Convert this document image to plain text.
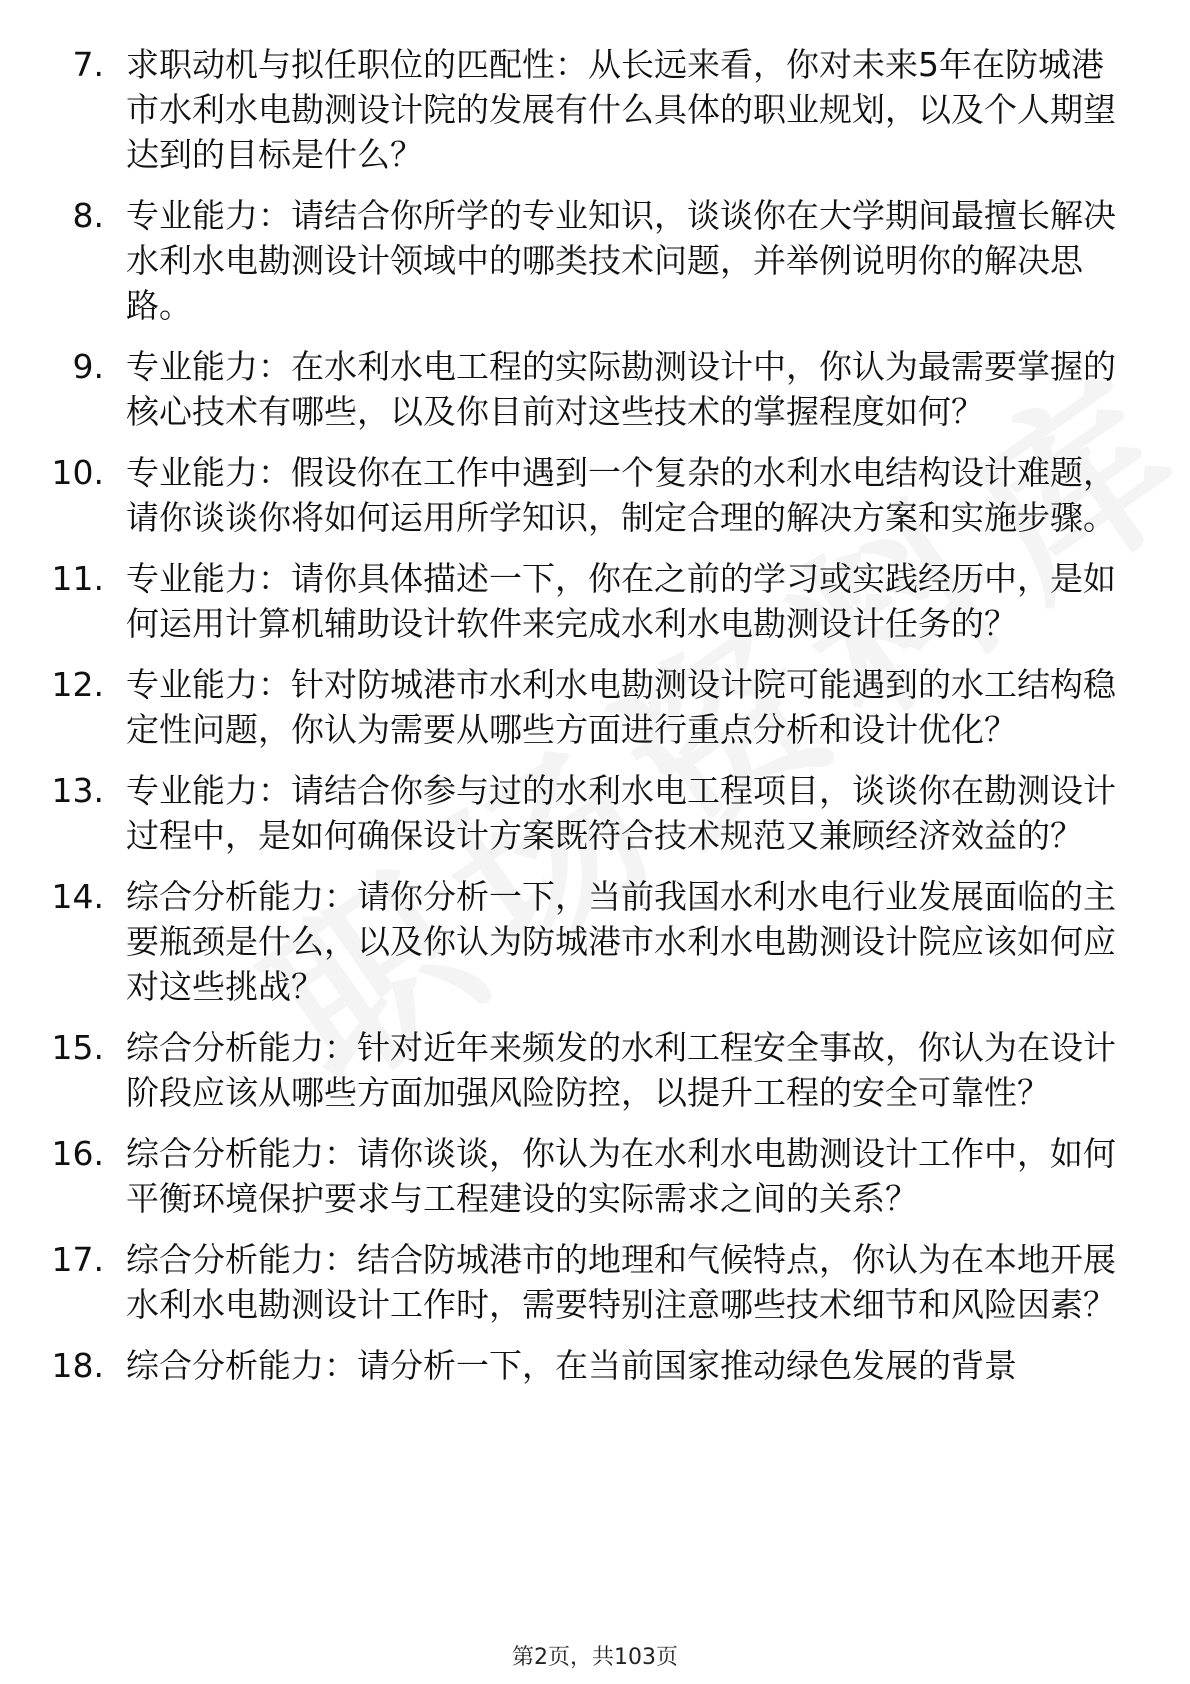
7. 求职动机与拟任职位的匹配性：从长远来看，你对未来5年在防城港市水利水电勘测设计院的发展有什么具体的职业规划，以及个人期望达到的目标是什么？
8. 专业能力：请结合你所学的专业知识，谈谈你在大学期间最擅长解决水利水电勘测设计领域中的哪类技术问题，并举例说明你的解决思路。
9. 专业能力：在水利水电工程的实际勘测设计中，你认为最需要掌握的核心技术有哪些，以及你目前对这些技术的掌握程度如何？
10. 专业能力：假设你在工作中遇到一个复杂的水利水电结构设计难题，请你谈谈你将如何运用所学知识，制定合理的解决方案和实施步骤。
11. 专业能力：请你具体描述一下，你在之前的学习或实践经历中，是如何运用计算机辅助设计软件来完成水利水电勘测设计任务的？
12. 专业能力：针对防城港市水利水电勘测设计院可能遇到的水工结构稳定性问题，你认为需要从哪些方面进行重点分析和设计优化？
13. 专业能力：请结合你参与过的水利水电工程项目，谈谈你在勘测设计过程中，是如何确保设计方案既符合技术规范又兼顾经济效益的？
14. 综合分析能力：请你分析一下，当前我国水利水电行业发展面临的主要瓶颈是什么，以及你认为防城港市水利水电勘测设计院应该如何应对这些挑战？
15. 综合分析能力：针对近年来频发的水利工程安全事故，你认为在设计阶段应该从哪些方面加强风险防控，以提升工程的安全可靠性？
16. 综合分析能力：请你谈谈，你认为在水利水电勘测设计工作中，如何平衡环境保护要求与工程建设的实际需求之间的关系？
17. 综合分析能力：结合防城港市的地理和气候特点，你认为在本地开展水利水电勘测设计工作时，需要特别注意哪些技术细节和风险因素？
18. 综合分析能力：请分析一下，在当前国家推动绿色发展的背景
第2页，共103页
